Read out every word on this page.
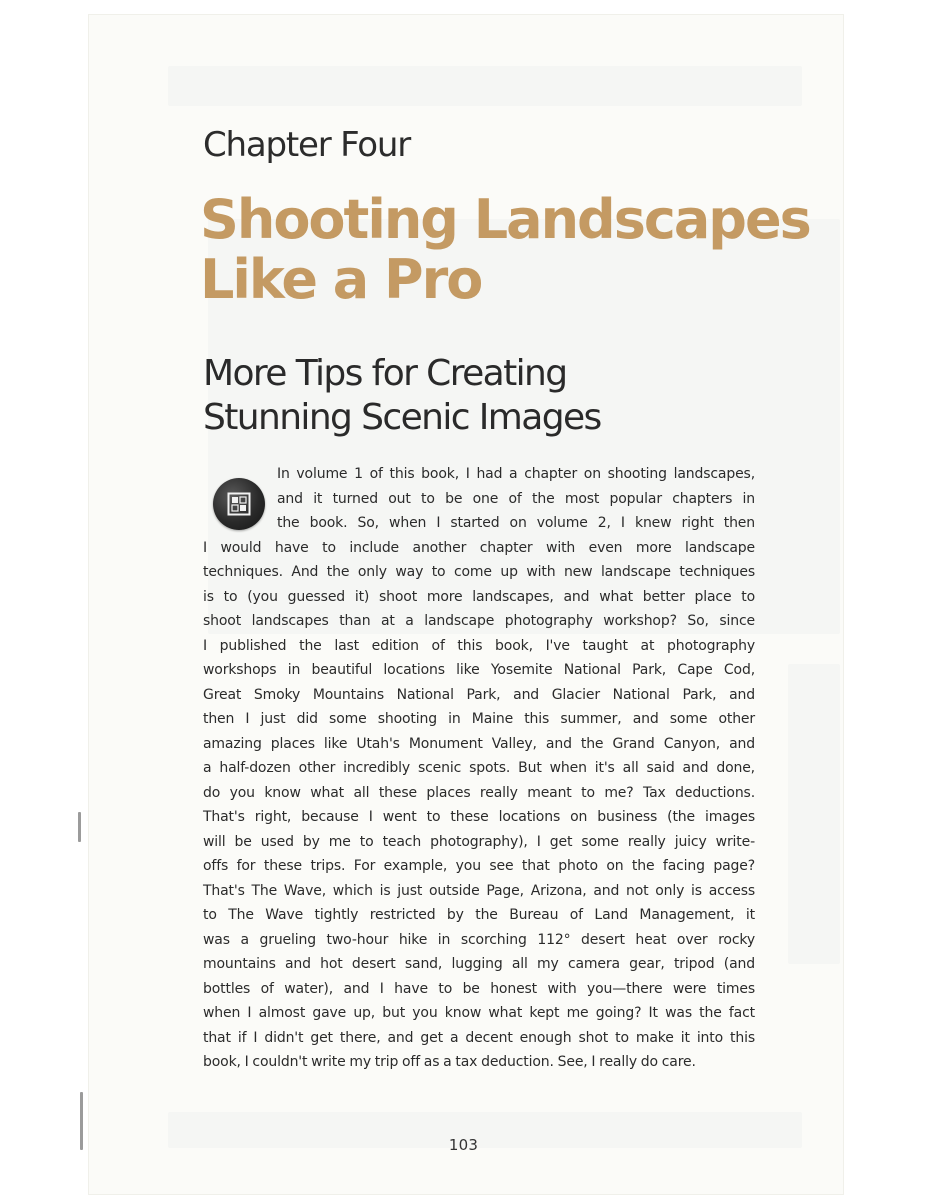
Chapter Four
Shooting Landscapes
Like a Pro
More Tips for Creating
Stunning Scenic Images
In volume 1 of this book, I had a chapter on shooting landscapes,
and it turned out to be one of the most popular chapters in
the book. So, when I started on volume 2, I knew right then
I would have to include another chapter with even more landscape
techniques. And the only way to come up with new landscape techniques
is to (you guessed it) shoot more landscapes, and what better place to
shoot landscapes than at a landscape photography workshop? So, since
I published the last edition of this book, I've taught at photography
workshops in beautiful locations like Yosemite National Park, Cape Cod,
Great Smoky Mountains National Park, and Glacier National Park, and
then I just did some shooting in Maine this summer, and some other
amazing places like Utah's Monument Valley, and the Grand Canyon, and
a half-dozen other incredibly scenic spots. But when it's all said and done,
do you know what all these places really meant to me? Tax deductions.
That's right, because I went to these locations on business (the images
will be used by me to teach photography), I get some really juicy write-
offs for these trips. For example, you see that photo on the facing page?
That's The Wave, which is just outside Page, Arizona, and not only is access
to The Wave tightly restricted by the Bureau of Land Management, it
was a grueling two-hour hike in scorching 112° desert heat over rocky
mountains and hot desert sand, lugging all my camera gear, tripod (and
bottles of water), and I have to be honest with you—there were times
when I almost gave up, but you know what kept me going? It was the fact
that if I didn't get there, and get a decent enough shot to make it into this
book, I couldn't write my trip off as a tax deduction. See, I really do care.
103
